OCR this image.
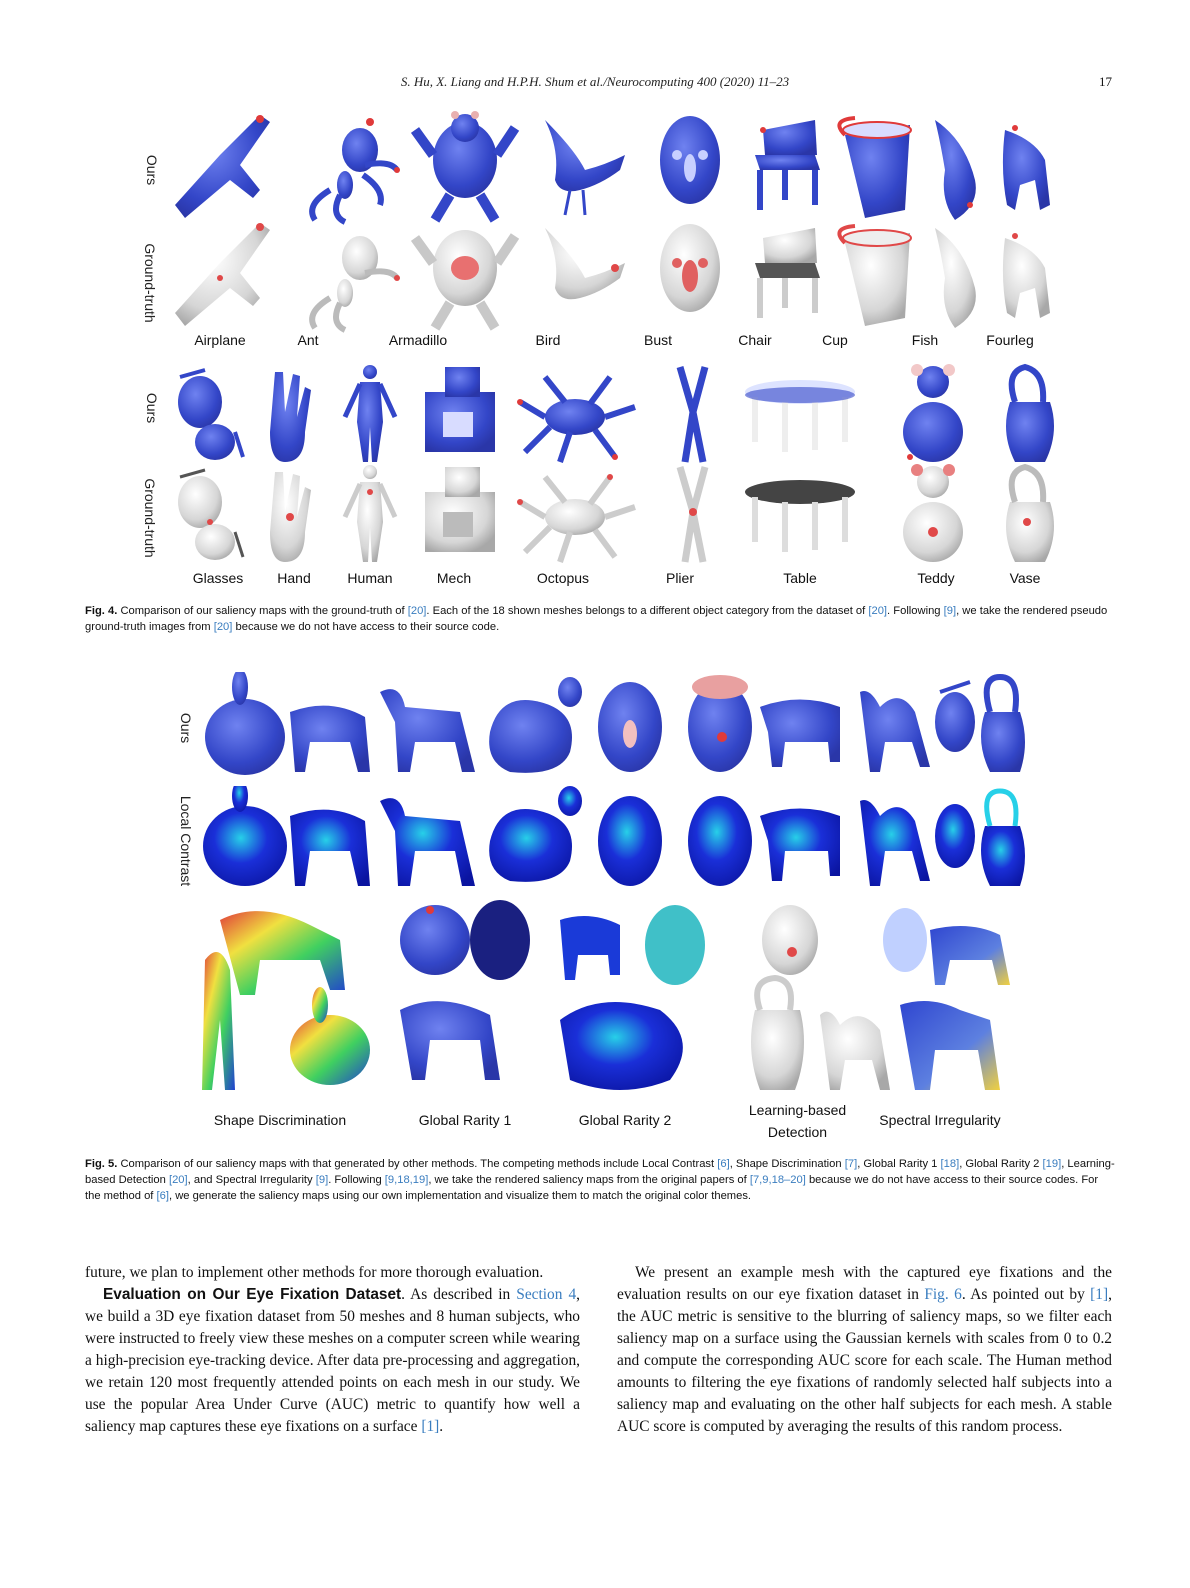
S. Hu, X. Liang and H.P.H. Shum et al./Neurocomputing 400 (2020) 11–23	17
Ours
Ground-truth
Ours
Ground-truth
Airplane	Ant	Armadillo	Bird	Bust	Chair	Cup	Fish	Fourleg
Glasses	Hand	Human	Mech	Octopus	Plier	Table	Teddy	Vase
Fig. 4. Comparison of our saliency maps with the ground-truth of [20]. Each of the 18 shown meshes belongs to a different object category from the dataset of [20]. Following [9], we take the rendered pseudo ground-truth images from [20] because we do not have access to their source code.
Ours
Local Contrast
Shape Discrimination	Global Rarity 1	Global Rarity 2
Learning-based
Detection
Spectral Irregularity
Fig. 5. Comparison of our saliency maps with that generated by other methods. The competing methods include Local Contrast [6], Shape Discrimination [7], Global Rarity 1 [18], Global Rarity 2 [19], Learning-based Detection [20], and Spectral Irregularity [9]. Following [9,18,19], we take the rendered saliency maps from the original papers of [7,9,18–20] because we do not have access to their source codes. For the method of [6], we generate the saliency maps using our own implementation and visualize them to match the original color themes.

future, we plan to implement other methods for more thorough evaluation.

Evaluation on Our Eye Fixation Dataset. As described in Section 4, we build a 3D eye fixation dataset from 50 meshes and 8 human subjects, who were instructed to freely view these meshes on a computer screen while wearing a high-precision eye-tracking device. After data pre-processing and aggregation, we retain 120 most frequently attended points on each mesh in our study. We use the popular Area Under Curve (AUC) metric to quantify how well a saliency map captures these eye fixations on a surface [1].

We present an example mesh with the captured eye fixations and the evaluation results on our eye fixation dataset in Fig. 6. As pointed out by [1], the AUC metric is sensitive to the blurring of saliency maps, so we filter each saliency map on a surface using the Gaussian kernels with scales from 0 to 0.2 and compute the corresponding AUC score for each scale. The Human method amounts to filtering the eye fixations of randomly selected half subjects into a saliency map and evaluating on the other half subjects for each mesh. A stable AUC score is computed by averaging the results of this random process.
